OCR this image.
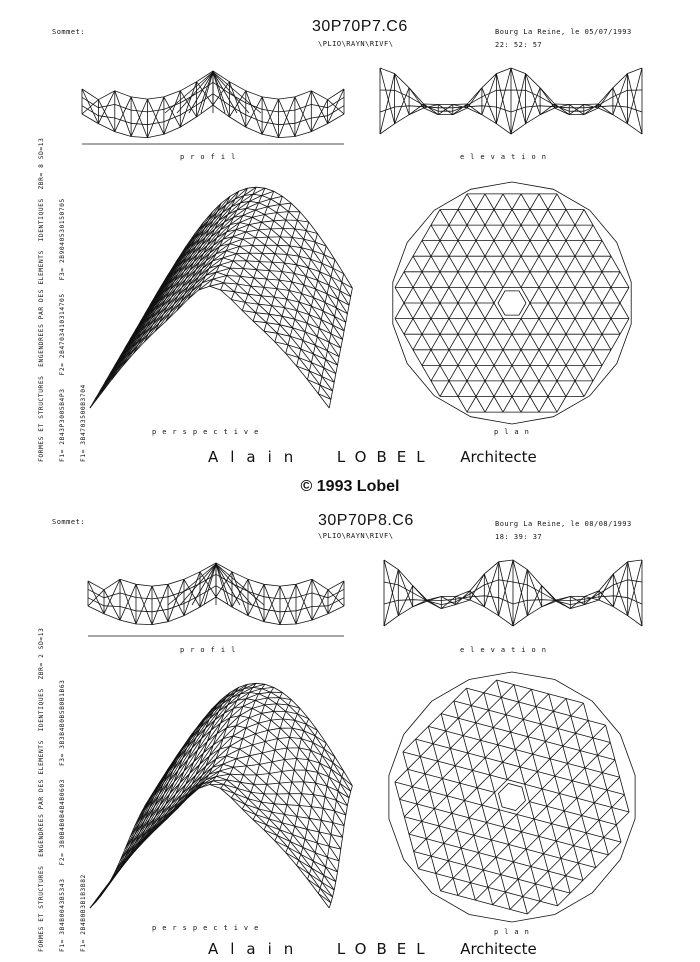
FORMES ET STRUCTURES  ENGENDREES PAR DES ELEMENTS  IDENTIQUES  ZBR= 8 SD=13

F1= 2B43P3005B4P3   F2= 2B4703410314705   F3= 2B9040530150705

F1= 3B4703500B3704

Sommet:	30P70P7.C6
\PLIO\RAYN\RIVF\
Bourg La Reine, le 05/07/1993
22: 52: 57
profil	elevation
perspective	plan
Alain LOBEL Architecte
© 1993 Lobel

FORMES ET STRUCTURES  ENGENDREES PAR DES ELEMENTS  IDENTIQUES  ZBR= 2 SD=13

F1= 3B4B0043B5343   F2= 3B0B4B0B4B4B0603   F3= 3B3B4B0B5B0B1B63

F1= 2B4B0B3B1B3B82

Sommet:	30P70P8.C6
\PLIO\RAYN\RIVF\
Bourg La Reine, le 08/08/1993
18: 39: 37
profil	elevation
perspective	plan
Alain LOBEL Architecte
